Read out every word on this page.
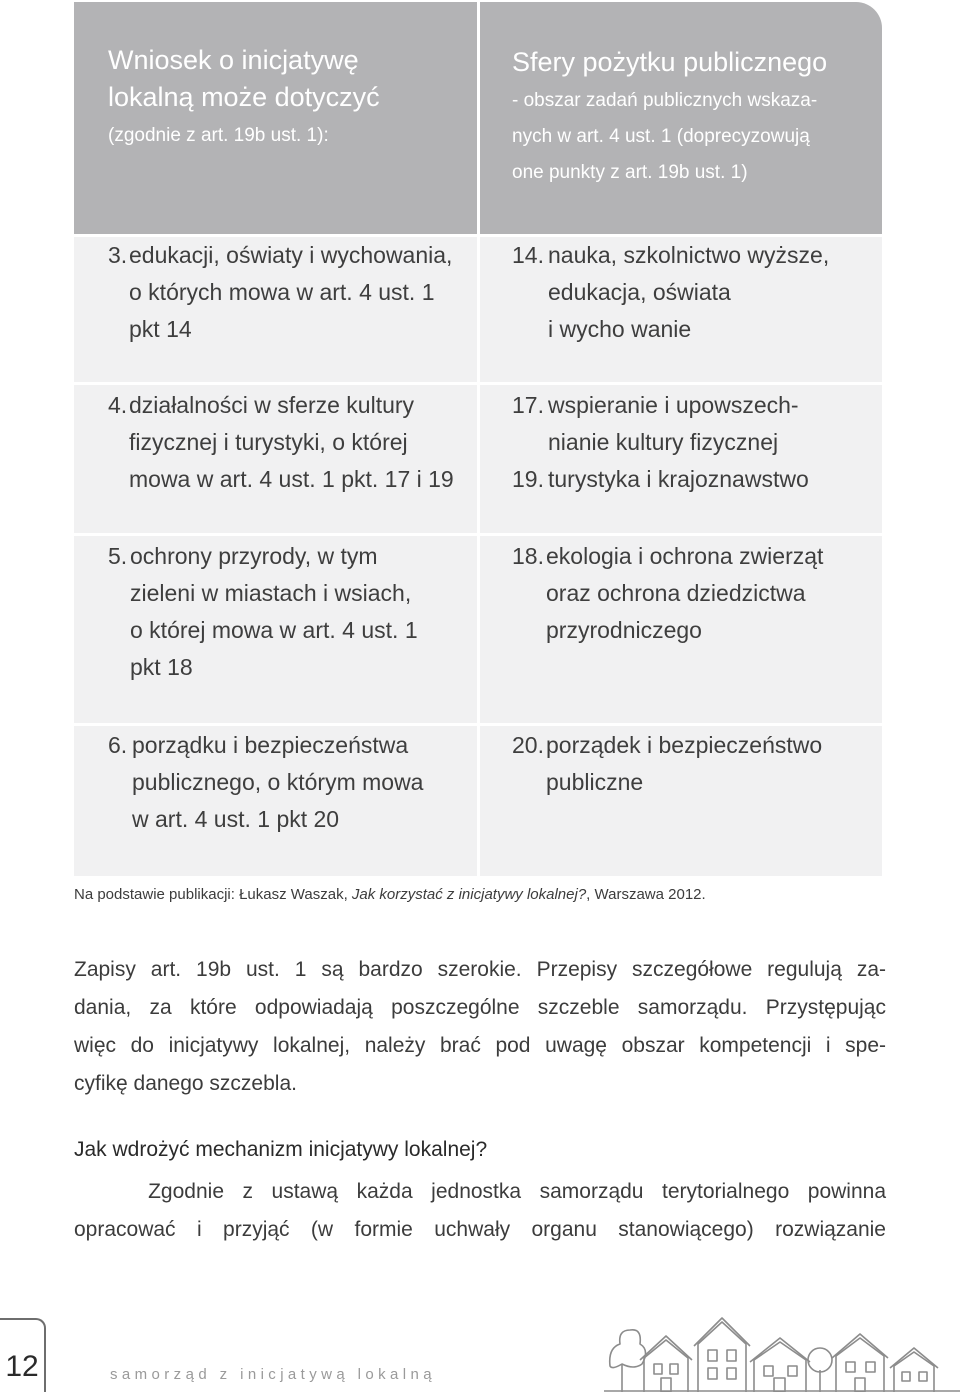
Wniosek o inicjatywę
lokalną może dotyczyć
(zgodnie z art. 19b ust. 1):
Sfery pożytku publicznego
- obszar zadań publicznych wskaza-
nych w art. 4 ust. 1 (doprecyzowują
one punkty z art. 19b ust. 1)
3. edukacji, oświaty i wychowania,
o których mowa w art. 4 ust. 1
pkt 14
14. nauka, szkolnictwo wyższe,
edukacja, oświata
i wycho wanie
4. działalności w sferze kultury
fizycznej i turystyki, o której
mowa w art. 4 ust. 1 pkt. 17 i 19
17. wspieranie i upowszech-
nianie kultury fizycznej
19. turystyka i krajoznawstwo
5. ochrony przyrody, w tym
zieleni w miastach i wsiach,
o której mowa w art. 4 ust. 1
pkt 18
18. ekologia i ochrona zwierząt
oraz ochrona dziedzictwa
przyrodniczego
6. porządku i bezpieczeństwa
publicznego, o którym mowa
w art. 4 ust. 1 pkt 20
20. porządek i bezpieczeństwo
publiczne
Na podstawie publikacji: Łukasz Waszak, Jak korzystać z inicjatywy lokalnej?, Warszawa 2012.
Zapisy art. 19b ust. 1 są bardzo szerokie. Przepisy szczegółowe regulują za-
dania, za które odpowiadają poszczególne szczeble samorządu. Przystępując
więc do inicjatywy lokalnej, należy brać pod uwagę obszar kompetencji i spe-
cyfikę danego szczebla.
Jak wdrożyć mechanizm inicjatywy lokalnej?
Zgodnie z ustawą każda jednostka samorządu terytorialnego powinna
opracować i przyjąć (w formie uchwały organu stanowiącego) rozwiązanie
12	samorząd z inicjatywą lokalną
